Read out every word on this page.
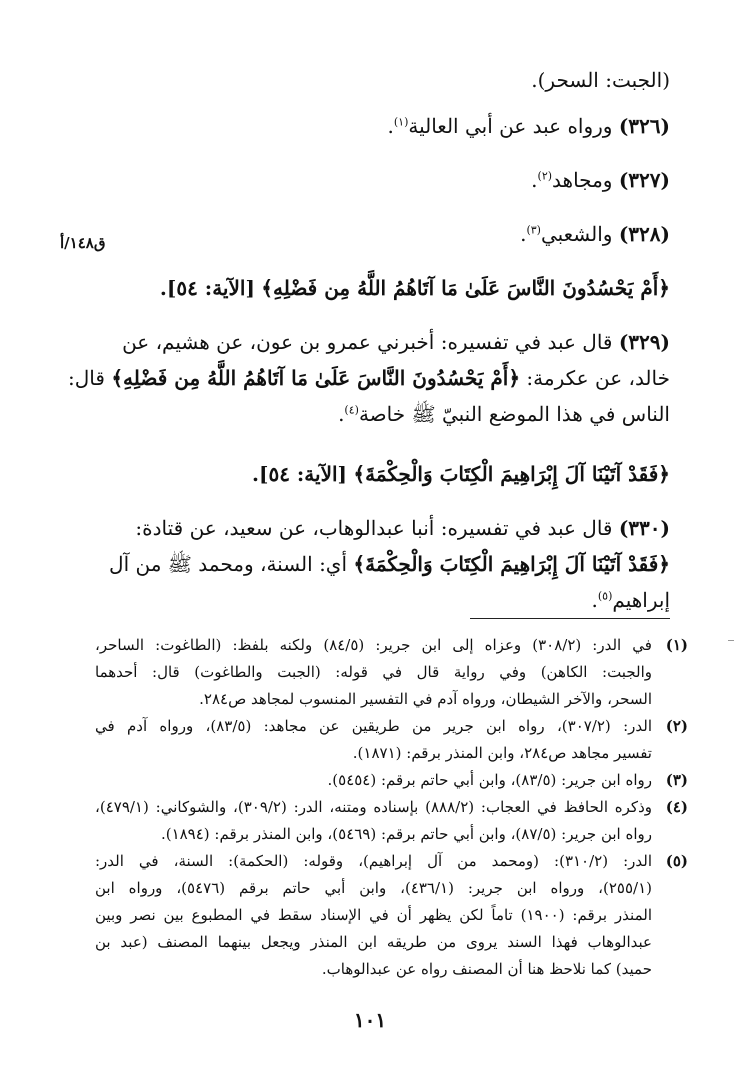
(الجبت: السحر).
(٣٢٦) ورواه عبد عن أبي العالية$^{(١)}$.
(٣٢٧) ومجاهد$^{(٢)}$.
(٣٢٨) والشعبي$^{(٣)}$.
﴿أَمْ يَحْسُدُونَ النَّاسَ عَلَىٰ مَا آتَاهُمُ اللَّهُ مِن فَضْلِهِ﴾ [الآية: ٥٤].
(٣٢٩) قال عبد في تفسيره: أخبرني عمرو بن عون، عن هشيم، عن
خالد، عن عكرمة: ﴿أَمْ يَحْسُدُونَ النَّاسَ عَلَىٰ مَا آتَاهُمُ اللَّهُ مِن فَضْلِهِ﴾ قال:
الناس في هذا الموضع النبيّ ﷺ خاصة$^{(٤)}$.
﴿فَقَدْ آتَيْنَا آلَ إِبْرَاهِيمَ الْكِتَابَ وَالْحِكْمَةَ﴾ [الآية: ٥٤].
(٣٣٠) قال عبد في تفسيره: أنبا عبدالوهاب، عن سعيد، عن قتادة:
﴿فَقَدْ آتَيْنَا آلَ إِبْرَاهِيمَ الْكِتَابَ وَالْحِكْمَةَ﴾ أي: السنة، ومحمد ﷺ من آل
إبراهيم$^{(٥)}$.
ق١٤٨/أ
(١)
في الدر: (٣٠٨/٢) وعزاه إلى ابن جرير: (٨٤/٥) ولكنه بلفظ: (الطاغوت: الساحر،
والجبت: الكاهن) وفي رواية قال في قوله: (الجبت والطاغوت) قال: أحدهما
السحر، والآخر الشيطان، ورواه آدم في التفسير المنسوب لمجاهد ص٢٨٤.
(٢)
الدر: (٣٠٧/٢)، رواه ابن جرير من طريقين عن مجاهد: (٨٣/٥)، ورواه آدم في
تفسير مجاهد ص٢٨٤، وابن المنذر برقم: (١٨٧١).
(٣)
رواه ابن جرير: (٨٣/٥)، وابن أبي حاتم برقم: (٥٤٥٤).
(٤)
وذكره الحافظ في العجاب: (٨٨٨/٢) بإسناده ومتنه، الدر: (٣٠٩/٢)، والشوكاني: (٤٧٩/١)،
رواه ابن جرير: (٨٧/٥)، وابن أبي حاتم برقم: (٥٤٦٩)، وابن المنذر برقم: (١٨٩٤).
(٥)
الدر: (٣١٠/٢): (ومحمد من آل إبراهيم)، وقوله: (الحكمة): السنة، في الدر:
(٢٥٥/١)، ورواه ابن جرير: (٤٣٦/١)، وابن أبي حاتم برقم (٥٤٧٦)، ورواه ابن
المنذر برقم: (١٩٠٠) تاماً لكن يظهر أن في الإسناد سقط في المطبوع بين نصر وبين
عبدالوهاب فهذا السند يروى من طريقه ابن المنذر ويجعل بينهما المصنف (عبد بن
حميد) كما نلاحظ هنا أن المصنف رواه عن عبدالوهاب.
١٠١
